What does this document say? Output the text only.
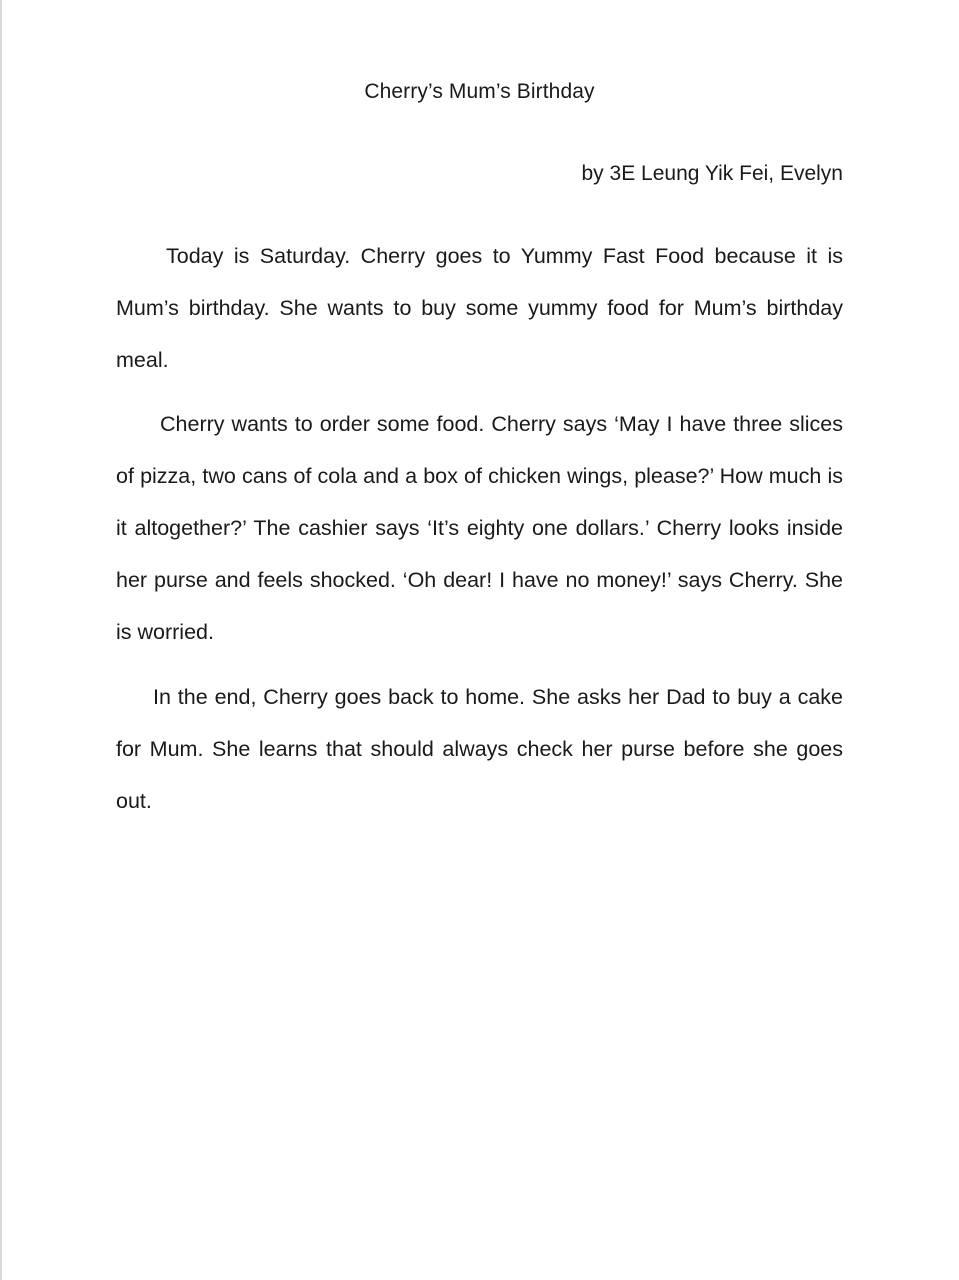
Cherry’s Mum’s Birthday
by 3E Leung Yik Fei, Evelyn

Today is Saturday. Cherry goes to Yummy Fast Food because it is Mum’s birthday. She wants to buy some yummy food for Mum’s birthday meal.

Cherry wants to order some food. Cherry says ‘May I have three slices of pizza, two cans of cola and a box of chicken wings, please?’ How much is it altogether?’ The cashier says ‘It’s eighty one dollars.’ Cherry looks inside her purse and feels shocked. ‘Oh dear! I have no money!’ says Cherry. She is worried.

In the end, Cherry goes back to home. She asks her Dad to buy a cake for Mum. She learns that should always check her purse before she goes out.
